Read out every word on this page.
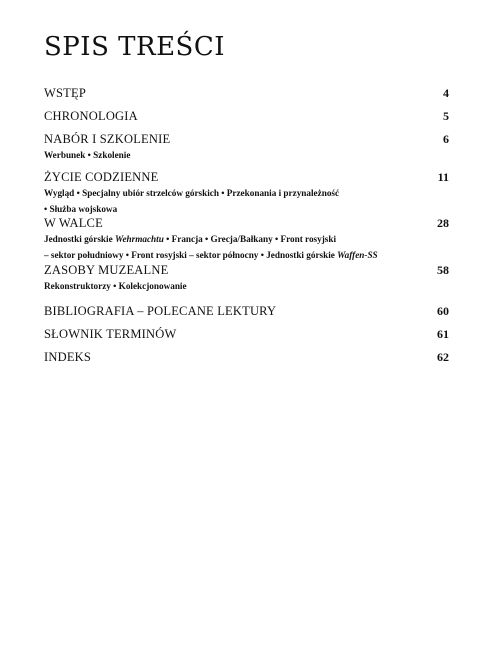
SPIS TREŚCI
WSTĘP	4
CHRONOLOGIA	5
NABÓR I SZKOLENIE	6
Werbunek • Szkolenie
ŻYCIE CODZIENNE	11
Wygląd • Specjalny ubiór strzelców górskich • Przekonania i przynależność
• Służba wojskowa
W WALCE	28
Jednostki górskie Wehrmachtu • Francja • Grecja/Bałkany • Front rosyjski
– sektor południowy • Front rosyjski – sektor północny • Jednostki górskie Waffen-SS
ZASOBY MUZEALNE	58
Rekonstruktorzy • Kolekcjonowanie
BIBLIOGRAFIA – POLECANE LEKTURY	60
SŁOWNIK TERMINÓW	61
INDEKS	62
